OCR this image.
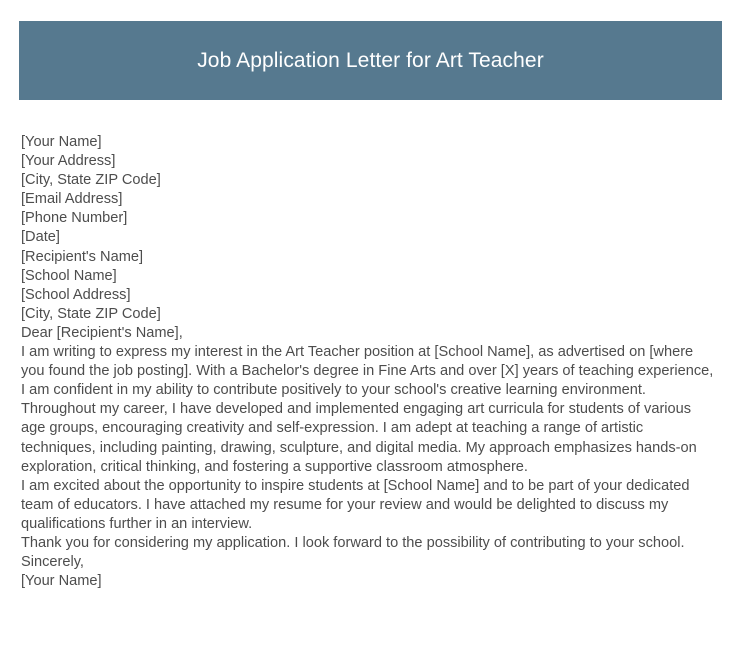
Job Application Letter for Art Teacher
[Your Name]
[Your Address]
[City, State ZIP Code]
[Email Address]
[Phone Number]
[Date]
[Recipient's Name]
[School Name]
[School Address]
[City, State ZIP Code]
Dear [Recipient's Name],

I am writing to express my interest in the Art Teacher position at [School Name], as advertised on [where you found the job posting]. With a Bachelor's degree in Fine Arts and over [X] years of teaching experience, I am confident in my ability to contribute positively to your school's creative learning environment.

Throughout my career, I have developed and implemented engaging art curricula for students of various age groups, encouraging creativity and self-expression. I am adept at teaching a range of artistic techniques, including painting, drawing, sculpture, and digital media. My approach emphasizes hands-on exploration, critical thinking, and fostering a supportive classroom atmosphere.

I am excited about the opportunity to inspire students at [School Name] and to be part of your dedicated team of educators. I have attached my resume for your review and would be delighted to discuss my qualifications further in an interview.

Thank you for considering my application. I look forward to the possibility of contributing to your school.

Sincerely,
[Your Name]
